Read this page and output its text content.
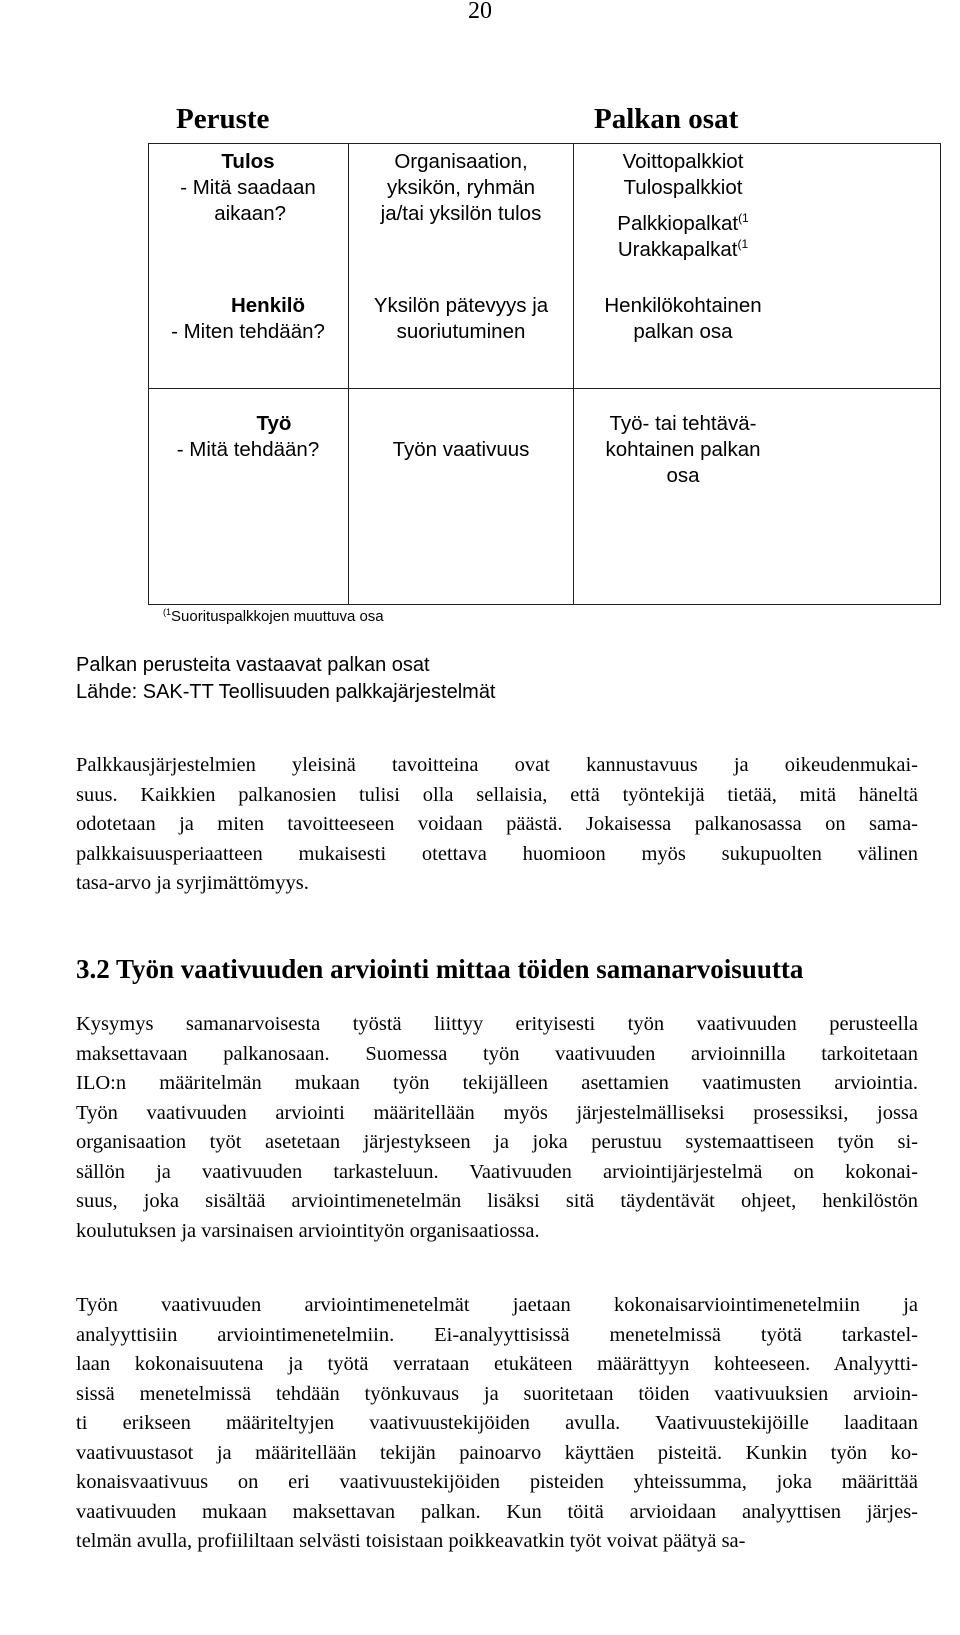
20
Peruste	Palkan osat
Tulos
- Mitä saadaan
aikaan?
Organisaation,
yksikön, ryhmän
ja/tai yksilön tulos
Voittopalkkiot
Tulospalkkiot
Palkkiopalkat$^{(1}$
Urakkapalkat$^{(1}$
Henkilö
- Miten tehdään?
Yksilön pätevyys ja
suoriutuminen
Henkilökohtainen
palkan osa
Työ
- Mitä tehdään?	Työn vaativuus
Työ- tai tehtävä-
kohtainen palkan
osa
$^{(1}$Suorituspalkkojen muuttuva osa
Palkan perusteita vastaavat palkan osat
Lähde: SAK-TT Teollisuuden palkkajärjestelmät

Palkkausjärjestelmien yleisinä tavoitteina ovat kannustavuus ja oikeudenmukai-

suus. Kaikkien palkanosien tulisi olla sellaisia, että työntekijä tietää, mitä häneltä

odotetaan ja miten tavoitteeseen voidaan päästä. Jokaisessa palkanosassa on sama-

palkkaisuusperiaatteen mukaisesti otettava huomioon myös sukupuolten välinen

tasa-arvo ja syrjimättömyys.

3.2 Työn vaativuuden arviointi mittaa töiden samanarvoisuutta

Kysymys samanarvoisesta työstä liittyy erityisesti työn vaativuuden perusteella

maksettavaan palkanosaan. Suomessa työn vaativuuden arvioinnilla tarkoitetaan

ILO:n määritelmän mukaan työn tekijälleen asettamien vaatimusten arviointia.

Työn vaativuuden arviointi määritellään myös järjestelmälliseksi prosessiksi, jossa

organisaation työt asetetaan järjestykseen ja joka perustuu systemaattiseen työn si-

sällön ja vaativuuden tarkasteluun. Vaativuuden arviointijärjestelmä on kokonai-

suus, joka sisältää arviointimenetelmän lisäksi sitä täydentävät ohjeet, henkilöstön

koulutuksen ja varsinaisen arviointityön organisaatiossa.

Työn vaativuuden arviointimenetelmät jaetaan kokonaisarviointimenetelmiin ja

analyyttisiin arviointimenetelmiin. Ei-analyyttisissä menetelmissä työtä tarkastel-

laan kokonaisuutena ja työtä verrataan etukäteen määrättyyn kohteeseen. Analyytti-

sissä menetelmissä tehdään työnkuvaus ja suoritetaan töiden vaativuuksien arvioin-

ti erikseen määriteltyjen vaativuustekijöiden avulla. Vaativuustekijöille laaditaan

vaativuustasot ja määritellään tekijän painoarvo käyttäen pisteitä. Kunkin työn ko-

konaisvaativuus on eri vaativuustekijöiden pisteiden yhteissumma, joka määrittää

vaativuuden mukaan maksettavan palkan. Kun töitä arvioidaan analyyttisen järjes-

telmän avulla, profiililtaan selvästi toisistaan poikkeavatkin työt voivat päätyä sa-
